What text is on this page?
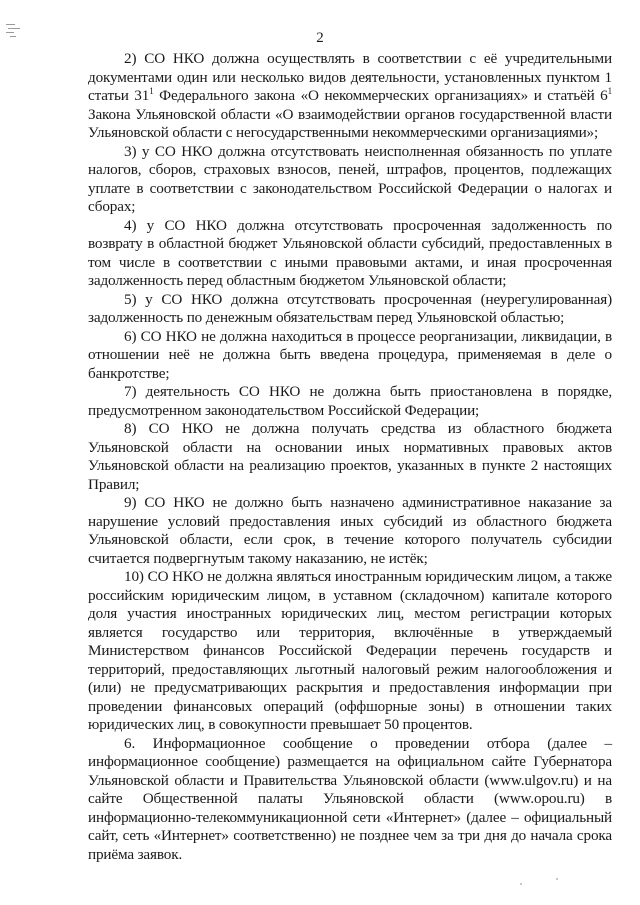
2

2) СО НКО должна осуществлять в соответствии с её учредительными документами один или несколько видов деятельности, установленных пунктом 1 статьи $31^1$ Федерального закона «О некоммерческих организациях» и статьёй $6^1$ Закона Ульяновской области «О взаимодействии органов государственной власти Ульяновской области с негосударственными некоммерческими организациями»;

3) у СО НКО должна отсутствовать неисполненная обязанность по уплате налогов, сборов, страховых взносов, пеней, штрафов, процентов, подлежащих уплате в соответствии с законодательством Российской Федерации о налогах и сборах;

4) у СО НКО должна отсутствовать просроченная задолженность по возврату в областной бюджет Ульяновской области субсидий, предоставленных в том числе в соответствии с иными правовыми актами, и иная просроченная задолженность перед областным бюджетом Ульяновской области;

5) у СО НКО должна отсутствовать просроченная (неурегулированная) задолженность по денежным обязательствам перед Ульяновской областью;

6) СО НКО не должна находиться в процессе реорганизации, ликвидации, в отношении неё не должна быть введена процедура, применяемая в деле о банкротстве;

7) деятельность СО НКО не должна быть приостановлена в порядке, предусмотренном законодательством Российской Федерации;

8) СО НКО не должна получать средства из областного бюджета Ульяновской области на основании иных нормативных правовых актов Ульяновской области на реализацию проектов, указанных в пункте 2 настоящих Правил;

9) СО НКО не должно быть назначено административное наказание за нарушение условий предоставления иных субсидий из областного бюджета Ульяновской области, если срок, в течение которого получатель субсидии считается подвергнутым такому наказанию, не истёк;

10) СО НКО не должна являться иностранным юридическим лицом, а также российским юридическим лицом, в уставном (складочном) капитале которого доля участия иностранных юридических лиц, местом регистрации которых является государство или территория, включённые в утверждаемый Министерством финансов Российской Федерации перечень государств и территорий, предоставляющих льготный налоговый режим налогообложения и (или) не предусматривающих раскрытия и предоставления информации при проведении финансовых операций (оффшорные зоны) в отношении таких юридических лиц, в совокупности превышает 50 процентов.

6. Информационное сообщение о проведении отбора (далее – информационное сообщение) размещается на официальном сайте Губернатора Ульяновской области и Правительства Ульяновской области (www.ulgov.ru) и на сайте Общественной палаты Ульяновской области (www.opou.ru) в информационно-телекоммуникационной сети «Интернет» (далее – официальный сайт, сеть «Интернет» соответственно) не позднее чем за три дня до начала срока приёма заявок.
